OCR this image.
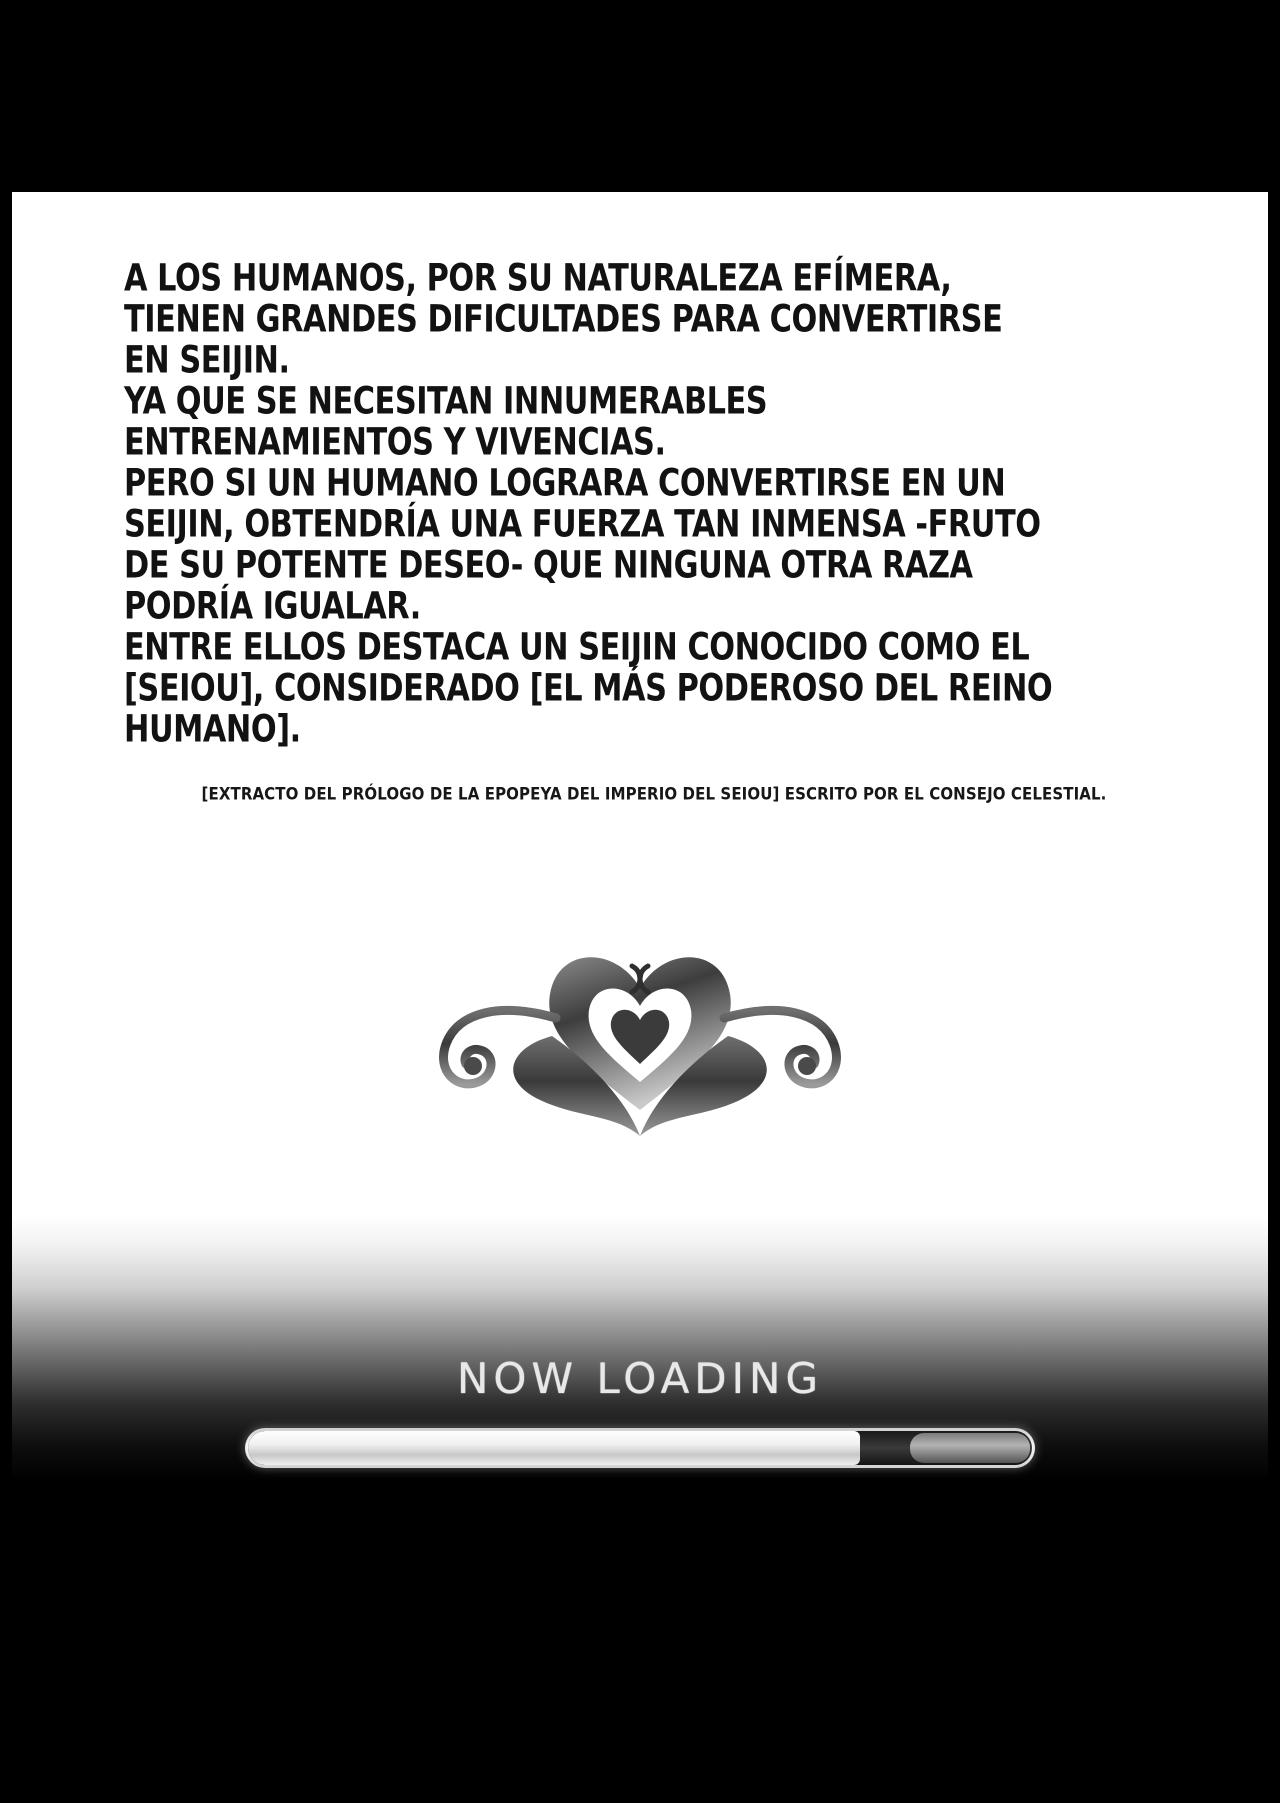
A LOS HUMANOS, POR SU NATURALEZA EFÍMERA,
TIENEN GRANDES DIFICULTADES PARA CONVERTIRSE
EN SEIJIN.
YA QUE SE NECESITAN INNUMERABLES
ENTRENAMIENTOS Y VIVENCIAS.
PERO SI UN HUMANO LOGRARA CONVERTIRSE EN UN
SEIJIN, OBTENDRÍA UNA FUERZA TAN INMENSA -FRUTO
DE SU POTENTE DESEO- QUE NINGUNA OTRA RAZA
PODRÍA IGUALAR.
ENTRE ELLOS DESTACA UN SEIJIN CONOCIDO COMO EL
[SEIOU], CONSIDERADO [EL MÁS PODEROSO DEL REINO
HUMANO].
[EXTRACTO DEL PRÓLOGO DE LA EPOPEYA DEL IMPERIO DEL SEIOU] ESCRITO POR EL CONSEJO CELESTIAL.
NOW LOADING
